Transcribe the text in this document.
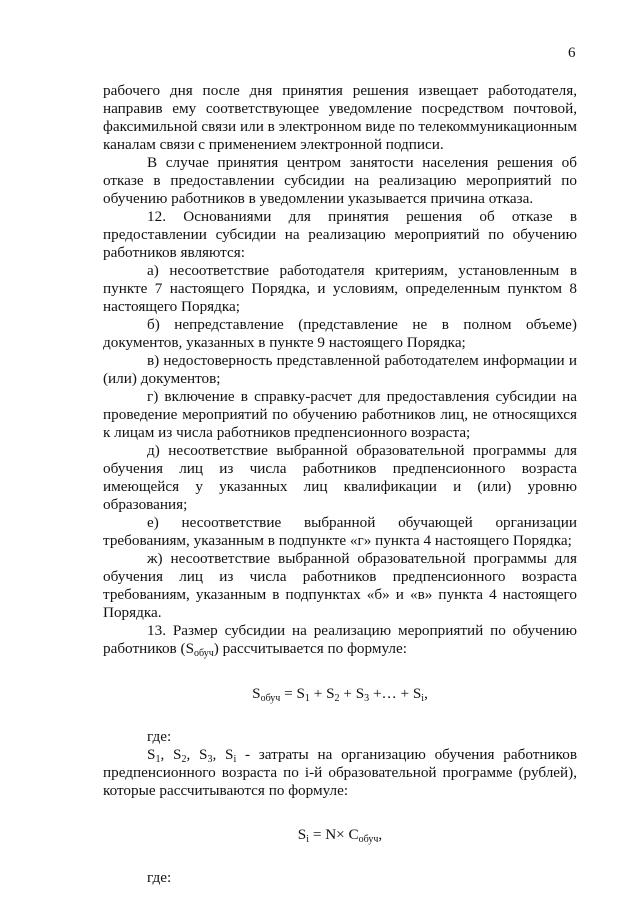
6

рабочего дня после дня принятия решения извещает работодателя, направив ему соответствующее уведомление посредством почтовой, факсимильной связи или в электронном виде по телекоммуникационным каналам связи с применением электронной подписи.

В случае принятия центром занятости населения решения об отказе в предоставлении субсидии на реализацию мероприятий по обучению работников в уведомлении указывается причина отказа.

12. Основаниями для принятия решения об отказе в предоставлении субсидии на реализацию мероприятий по обучению работников являются:

а) несоответствие работодателя критериям, установленным в пункте 7 настоящего Порядка, и условиям, определенным пунктом 8 настоящего Порядка;

б) непредставление (представление не в полном объеме) документов, указанных в пункте 9 настоящего Порядка;

в) недостоверность представленной работодателем информации и (или) документов;

г) включение в справку-расчет для предоставления субсидии на проведение мероприятий по обучению работников лиц, не относящихся к лицам из числа работников предпенсионного возраста;

д) несоответствие выбранной образовательной программы для обучения лиц из числа работников предпенсионного возраста имеющейся у указанных лиц квалификации и (или) уровню образования;

е) несоответствие выбранной обучающей организации требованиям, указанным в подпункте «г» пункта 4 настоящего Порядка;

ж) несоответствие выбранной образовательной программы для обучения лиц из числа работников предпенсионного возраста требованиям, указанным в подпунктах «б» и «в» пункта 4 настоящего Порядка.

13. Размер субсидии на реализацию мероприятий по обучению работников $(S_{обуч})$ рассчитывается по формуле:

$S_{обуч} = S_1 + S_2 + S_3$ +… + $S_i$,

где:

$S_1$, $S_2$, $S_3$, $S_i$ - затраты на организацию обучения работников предпенсионного возраста по i-й образовательной программе (рублей), которые рассчитываются по формуле:

$S_i = N\times C_{обуч}$,

где:
